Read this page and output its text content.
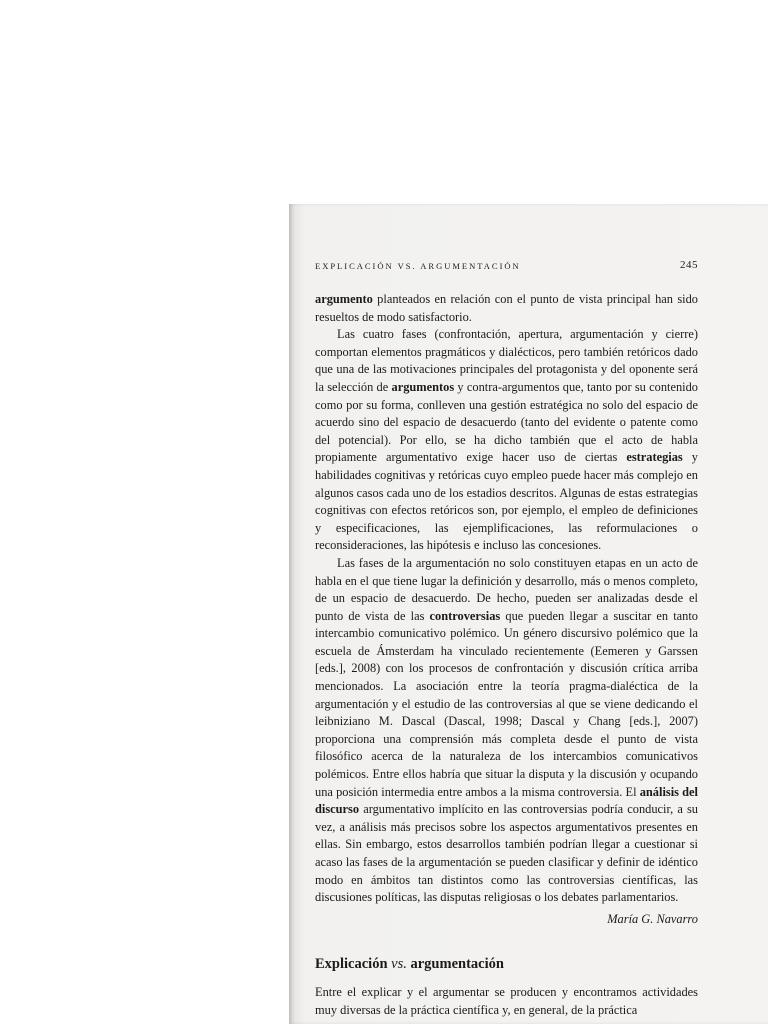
EXPLICACIÓN VS. ARGUMENTACIÓN	245

argumento planteados en relación con el punto de vista principal han sido resueltos de modo satisfactorio.

Las cuatro fases (confrontación, apertura, argumentación y cierre) comportan elementos pragmáticos y dialécticos, pero también retóricos dado que una de las motivaciones principales del protagonista y del oponente será la selección de argumentos y contra-argumentos que, tanto por su contenido como por su forma, conlleven una gestión estratégica no solo del espacio de acuerdo sino del espacio de desacuerdo (tanto del evidente o patente como del potencial). Por ello, se ha dicho también que el acto de habla propiamente argumentativo exige hacer uso de ciertas estrategias y habilidades cognitivas y retóricas cuyo empleo puede hacer más complejo en algunos casos cada uno de los estadios descritos. Algunas de estas estrategias cognitivas con efectos retóricos son, por ejemplo, el empleo de definiciones y especificaciones, las ejemplificaciones, las reformulaciones o reconsideraciones, las hipótesis e incluso las concesiones.

Las fases de la argumentación no solo constituyen etapas en un acto de habla en el que tiene lugar la definición y desarrollo, más o menos completo, de un espacio de desacuerdo. De hecho, pueden ser analizadas desde el punto de vista de las controversias que pueden llegar a suscitar en tanto intercambio comunicativo polémico. Un género discursivo polémico que la escuela de Ámsterdam ha vinculado recientemente (Eemeren y Garssen [eds.], 2008) con los procesos de confrontación y discusión crítica arriba mencionados. La asociación entre la teoría pragma-dialéctica de la argumentación y el estudio de las controversias al que se viene dedicando el leibniziano M. Dascal (Dascal, 1998; Dascal y Chang [eds.], 2007) proporciona una comprensión más completa desde el punto de vista filosófico acerca de la naturaleza de los intercambios comunicativos polémicos. Entre ellos habría que situar la disputa y la discusión y ocupando una posición intermedia entre ambos a la misma controversia. El análisis del discurso argumentativo implícito en las controversias podría conducir, a su vez, a análisis más precisos sobre los aspectos argumentativos presentes en ellas. Sin embargo, estos desarrollos también podrían llegar a cuestionar si acaso las fases de la argumentación se pueden clasificar y definir de idéntico modo en ámbitos tan distintos como las controversias científicas, las discusiones políticas, las disputas religiosas o los debates parlamentarios.

María G. Navarro

Explicación vs. argumentación

Entre el explicar y el argumentar se producen y encontramos actividades muy diversas de la práctica científica y, en general, de la práctica
